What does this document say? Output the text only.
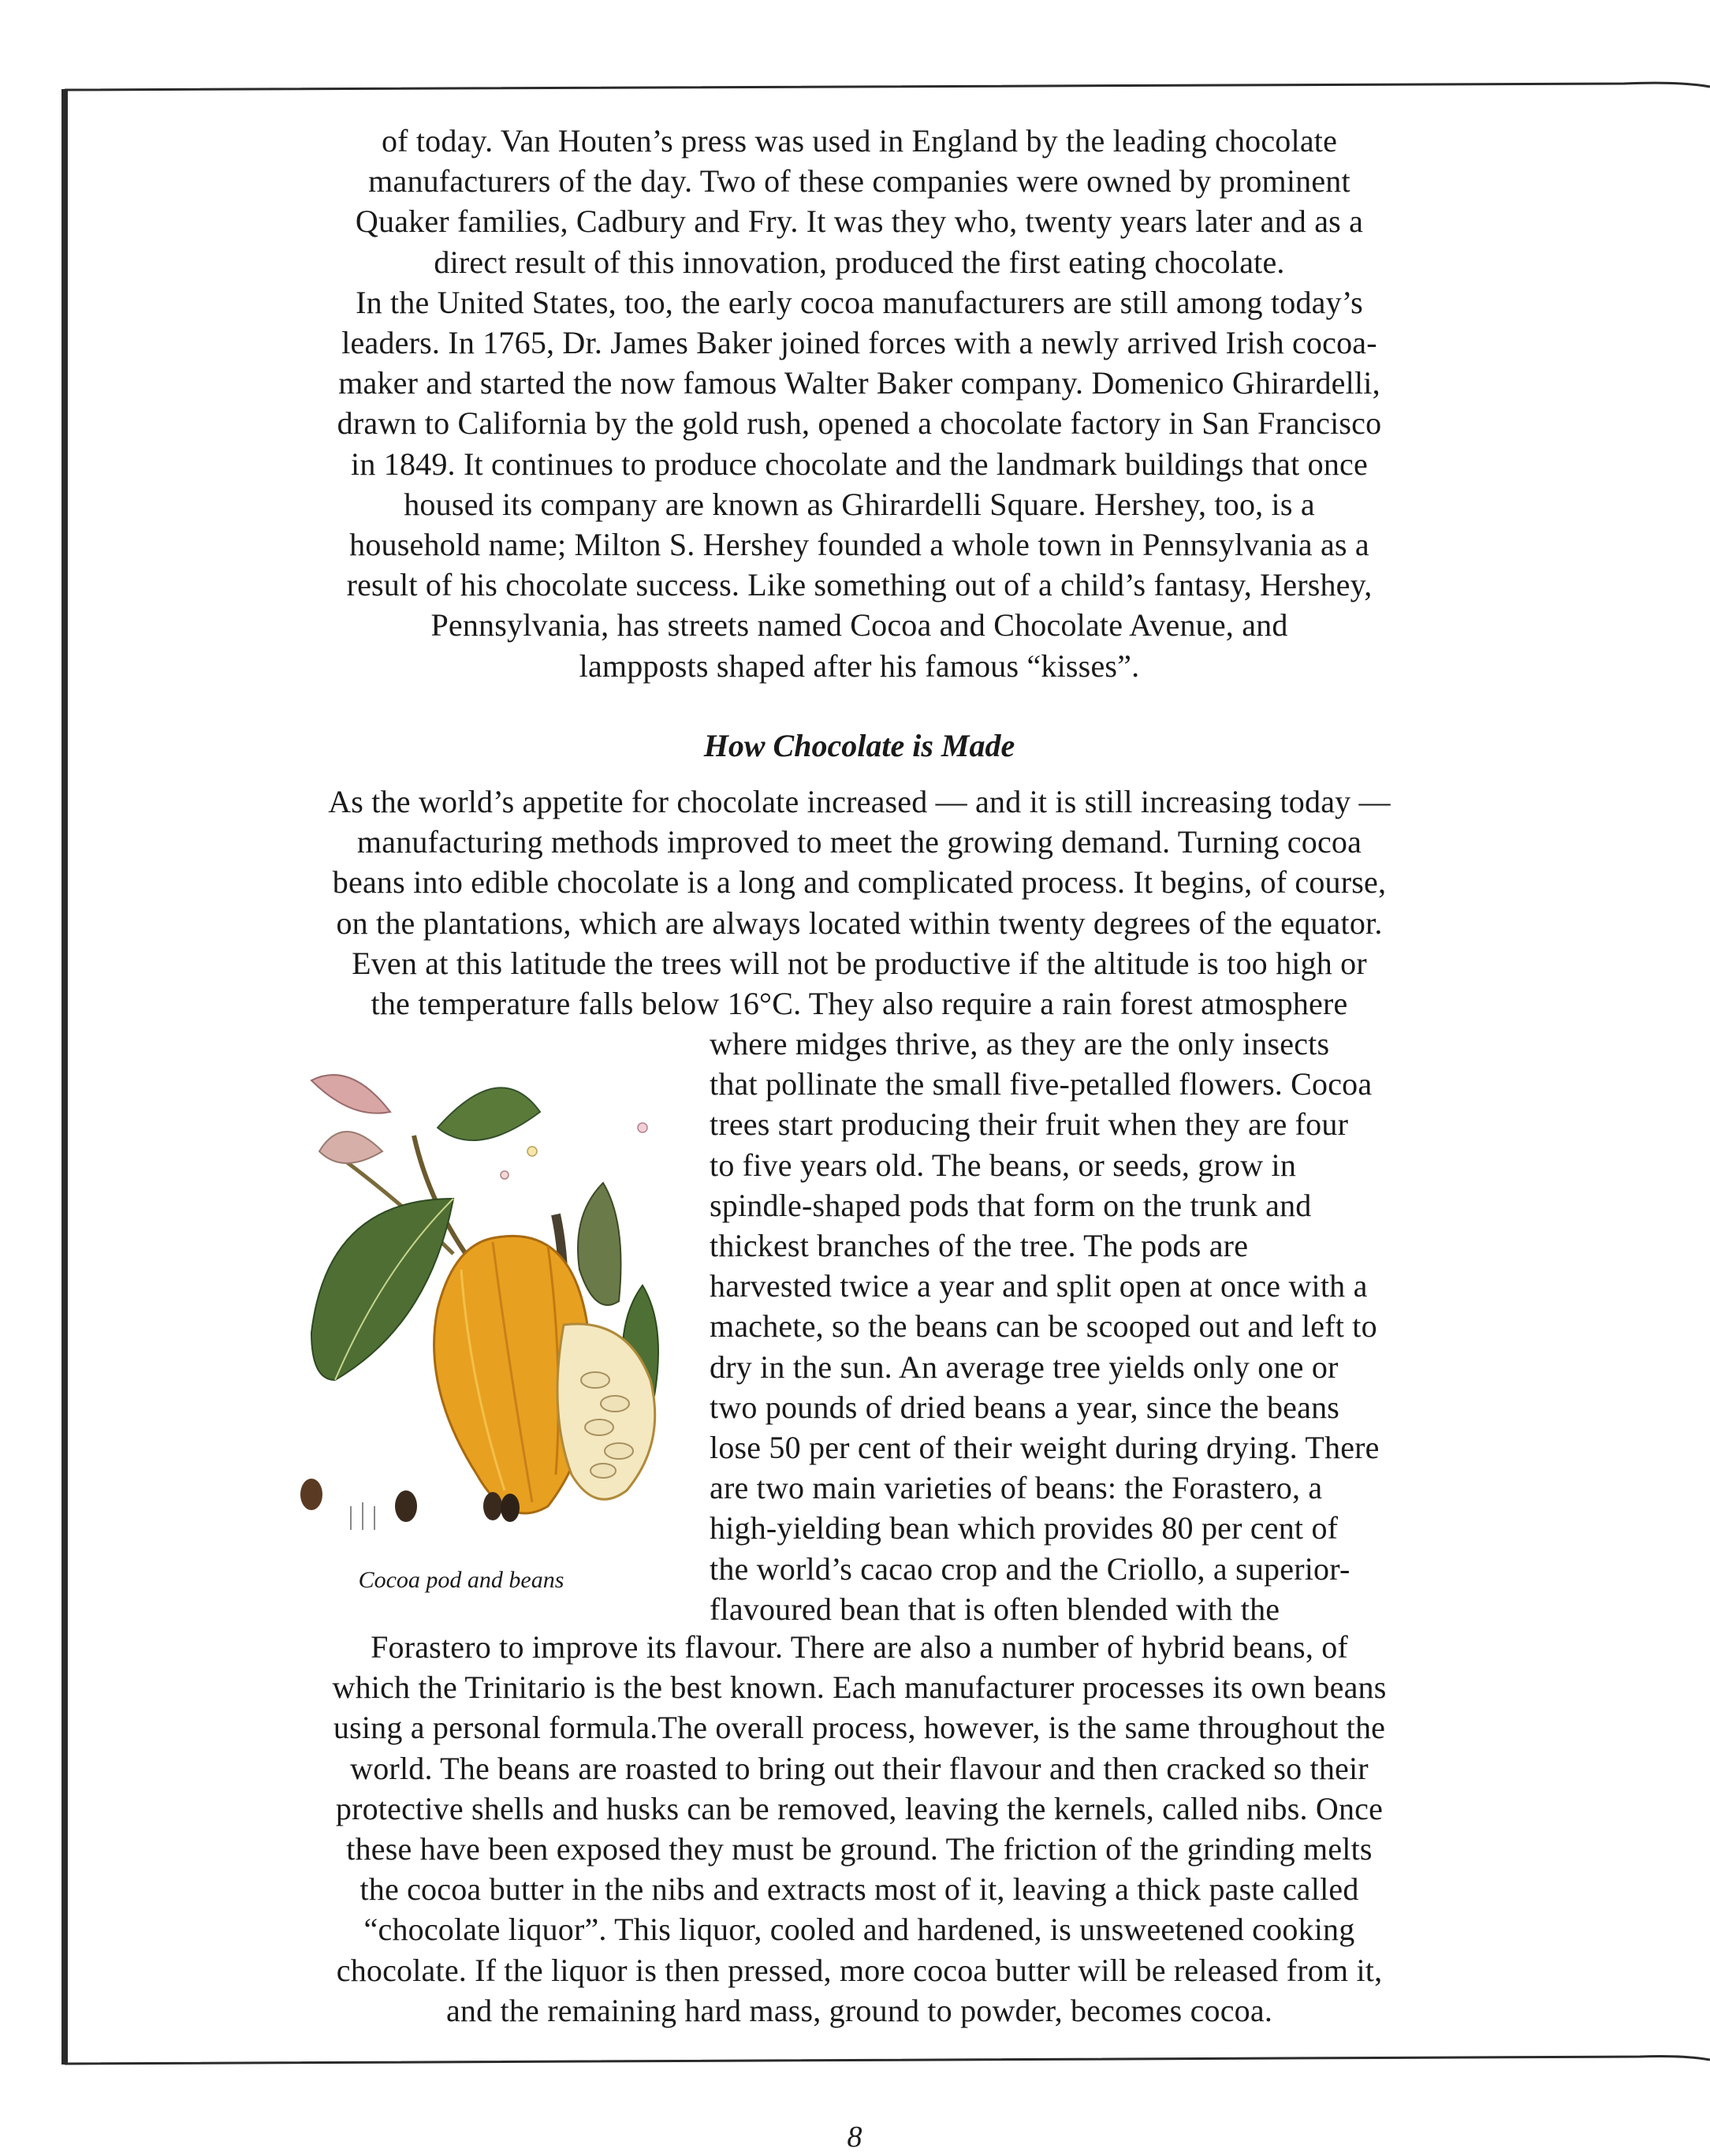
of today. Van Houten’s press was used in England by the leading chocolate

manufacturers of the day. Two of these companies were owned by prominent

Quaker families, Cadbury and Fry. It was they who, twenty years later and as a

direct result of this innovation, produced the first eating chocolate.

In the United States, too, the early cocoa manufacturers are still among today’s

leaders. In 1765, Dr. James Baker joined forces with a newly arrived Irish cocoa-

maker and started the now famous Walter Baker company. Domenico Ghirardelli,

drawn to California by the gold rush, opened a chocolate factory in San Francisco

in 1849. It continues to produce chocolate and the landmark buildings that once

housed its company are known as Ghirardelli Square. Hershey, too, is a

household name; Milton S. Hershey founded a whole town in Pennsylvania as a

result of his chocolate success. Like something out of a child’s fantasy, Hershey,

Pennsylvania, has streets named Cocoa and Chocolate Avenue, and

lampposts shaped after his famous “kisses”.

As the world’s appetite for chocolate increased — and it is still increasing today —

manufacturing methods improved to meet the growing demand. Turning cocoa

beans into edible chocolate is a long and complicated process. It begins, of course,

on the plantations, which are always located within twenty degrees of the equator.

Even at this latitude the trees will not be productive if the altitude is too high or

the temperature falls below 16°C. They also require a rain forest atmosphere

where midges thrive, as they are the only insects

that pollinate the small five-petalled flowers. Cocoa

trees start producing their fruit when they are four

to five years old. The beans, or seeds, grow in

spindle-shaped pods that form on the trunk and

thickest branches of the tree. The pods are

harvested twice a year and split open at once with a

machete, so the beans can be scooped out and left to

dry in the sun. An average tree yields only one or

two pounds of dried beans a year, since the beans

lose 50 per cent of their weight during drying. There

are two main varieties of beans: the Forastero, a

high-yielding bean which provides 80 per cent of

the world’s cacao crop and the Criollo, a superior-

flavoured bean that is often blended with the

Forastero to improve its flavour. There are also a number of hybrid beans, of

which the Trinitario is the best known. Each manufacturer processes its own beans

using a personal formula.The overall process, however, is the same throughout the

world. The beans are roasted to bring out their flavour and then cracked so their

protective shells and husks can be removed, leaving the kernels, called nibs. Once

these have been exposed they must be ground. The friction of the grinding melts

the cocoa butter in the nibs and extracts most of it, leaving a thick paste called

“chocolate liquor”. This liquor, cooled and hardened, is unsweetened cooking

chocolate. If the liquor is then pressed, more cocoa butter will be released from it,

and the remaining hard mass, ground to powder, becomes cocoa.

How Chocolate is Made

Cocoa pod and beans

8
